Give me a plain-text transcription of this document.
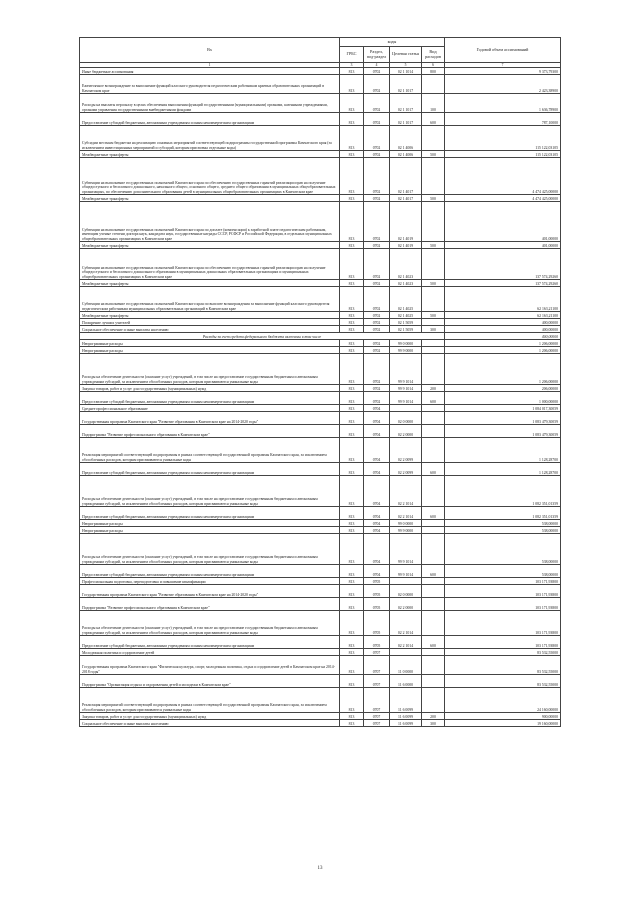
Вх	коды				Годовой объем ассигнований
	ГРБС	Раздел, под-раздел	Целевая статья	Вид расходов	
1	3	4	5	6	7
Иные бюджетные ассигнования	813	0702	02 1 1014	800	9 373,79300
Ежемесячное вознаграждение за выполнение функций классного руководителя педагогическим работникам краевых образовательных организаций в Камчатском крае	813	0702	02 1 1017		2 423,38900
Расходы на выплаты персоналу в целях обеспечения выполнения функций государственными (муниципальными) органами, казенными учреждениями, органами управления государственными внебюджетными фондами	813	0702	02 1 1017	100	1 636,78900
Предоставление субсидий бюджетным, автономным учреждениям и иным некоммерческим организациям	813	0702	02 1 1017	600	787,10000
Субсидии местным бюджетам на реализацию основных мероприятий соответствующей подпрограммы государственной программы Камчатского края (за исключением инвестиционных мероприятий и субсидий, которым присвоены отдельные коды)	813	0702	02 1 4006		115 122,03105
Межбюджетные трансферты	813	0702	02 1 4006	500	115 122,03105
Субвенции на выполнение государственных полномочий Камчатского края по обеспечению государственных гарантий реализации прав на получение общедоступного и бесплатного дошкольного, начального общего, основного общего, среднего общего образования в муниципальных общеобразовательных организациях, по обеспечению дополнительного образования детей в муниципальных общеобразовательных организациях в Камчатском крае	813	0702	02 1 4017		4 474 425,00000
Межбюджетные трансферты	813	0702	02 1 4017	500	4 474 425,00000
Субвенции на выполнение государственных полномочий Камчатского края по доплате (компенсации) к заработной плате педагогическим работникам, имеющим ученые степени доктора наук, кандидата наук, государственные награды СССР, РСФСР и Российской Федерации, в отдельных муниципальных общеобразовательных организациях в Камчатском крае	813	0702	02 1 4019		401,00000
Межбюджетные трансферты	813	0702	02 1 4019	500	401,00000
Субвенции на выполнение государственных полномочий Камчатского края по обеспечению государственных гарантий реализации прав на получение общедоступного и бесплатного дошкольного образования в муниципальных дошкольных образовательных организациях и муниципальных общеобразовательных организациях в Камчатском крае	813	0702	02 1 4023		137 574,29260
Межбюджетные трансферты	813	0702	02 1 4023	500	137 574,29260
Субвенции на выполнение государственных полномочий Камчатского края по выплате вознаграждения за выполнение функций классного руководителя педагогическим работникам муниципальных образовательных организаций в Камчатском крае	813	0702	02 1 4025		62 163,21100
Межбюджетные трансферты	813	0702	02 1 4025	500	62 163,21100
Поощрение лучших учителей	813	0702	02 1 5059		400,00000
Социальное обеспечение и иные выплаты населению	813	0702	02 1 5059	300	400,00000
Расходы за счет средств федерального бюджета включены в том числе					400,00000
Непрограммные расходы	813	0702	99 0 0000		1 206,00000
Непрограммные расходы	813	0702	99 9 0000		1 206,00000
Расходы на обеспечение деятельности (оказание услуг) учреждений, в том числе на предоставление государственным бюджетным и автономным учреждениям субсидий, за исключением обособленных расходов, которым присваиваются уникальные коды	813	0702	99 9 1014		1 206,00000
Закупка товаров, работ и услуг для государственных (муниципальных) нужд	813	0702	99 9 1014	200	206,00000
Предоставление субсидий бюджетным, автономным учреждениям и иным некоммерческим организациям	813	0702	99 9 1014	600	1 000,00000
Среднее профессиональное образование	813	0704			1 084 017,30059
Государственная программа Камчатского края "Развитие образования в Камчатском крае на 2014-2020 годы"	813	0704	02 0 0000		1 083 479,30059
Подпрограмма "Развитие профессионального образования в Камчатском крае"	813	0704	02 2 0000		1 083 479,30059
Реализация мероприятий соответствующей подпрограммы в рамках соответствующей государственной программы Камчатского края, за исключением обособленных расходов, которым присваиваются уникальные коды	813	0704	02 2 0099		1 128,28700
Предоставление субсидий бюджетным, автономным учреждениям и иным некоммерческим организациям	813	0704	02 2 0099	600	1 128,28700
Расходы на обеспечение деятельности (оказание услуг) учреждений, в том числе на предоставление государственным бюджетным и автономным учреждениям субсидий, за исключением обособленных расходов, которым присваиваются уникальные коды	813	0704	02 2 1014		1 082 351,01359
Предоставление субсидий бюджетным, автономным учреждениям и иным некоммерческим организациям	813	0704	02 2 1014	600	1 082 351,01359
Непрограммные расходы	813	0704	99 0 0000		538,00000
Непрограммные расходы	813	0704	99 9 0000		538,00000
Расходы на обеспечение деятельности (оказание услуг) учреждений, в том числе на предоставление государственным бюджетным и автономным учреждениям субсидий, за исключением обособленных расходов, которым присваиваются уникальные коды	813	0704	99 9 1014		538,00000
Предоставление субсидий бюджетным, автономным учреждениям и иным некоммерческим организациям	813	0704	99 9 1014	600	538,00000
Профессиональная подготовка, переподготовка и повышение квалификации	813	0705			103 171,93800
Государственная программа Камчатского края "Развитие образования в Камчатском крае на 2014-2020 годы"	813	0705	02 0 0000		103 171,93800
Подпрограмма "Развитие профессионального образования в Камчатском крае"	813	0705	02 2 0000		103 171,93800
Расходы на обеспечение деятельности (оказание услуг) учреждений, в том числе на предоставление государственным бюджетным и автономным учреждениям субсидий, за исключением обособленных расходов, которым присваиваются уникальные коды	813	0705	02 2 1014		103 171,93800
Предоставление субсидий бюджетным, автономным учреждениям и иным некоммерческим организациям	813	0705	02 2 1014	600	103 171,93800
Молодежная политика и оздоровление детей	813	0707			83 532,55000
Государственная программа Камчатского края "Физическая культура, спорт, молодежная политика, отдых и оздоровление детей в Камчатском крае на 2014-2018 годы"	813	0707	11 0 0000		83 532,55000
Подпрограмма "Организация отдыха и оздоровления детей и молодежи в Камчатском крае"	813	0707	11 6 0000		83 532,55000
Реализация мероприятий соответствующей подпрограммы в рамках соответствующей государственной программы Камчатского края, за исключением обособленных расходов, которым присваиваются уникальные коды	813	0707	11 6 0099		24 160,00000
Закупка товаров, работ и услуг для государственных (муниципальных) нужд	813	0707	11 6 0099	200	900,00000
Социальное обеспечение и иные выплаты населению	813	0707	11 6 0099	300	19 160,00000
13
